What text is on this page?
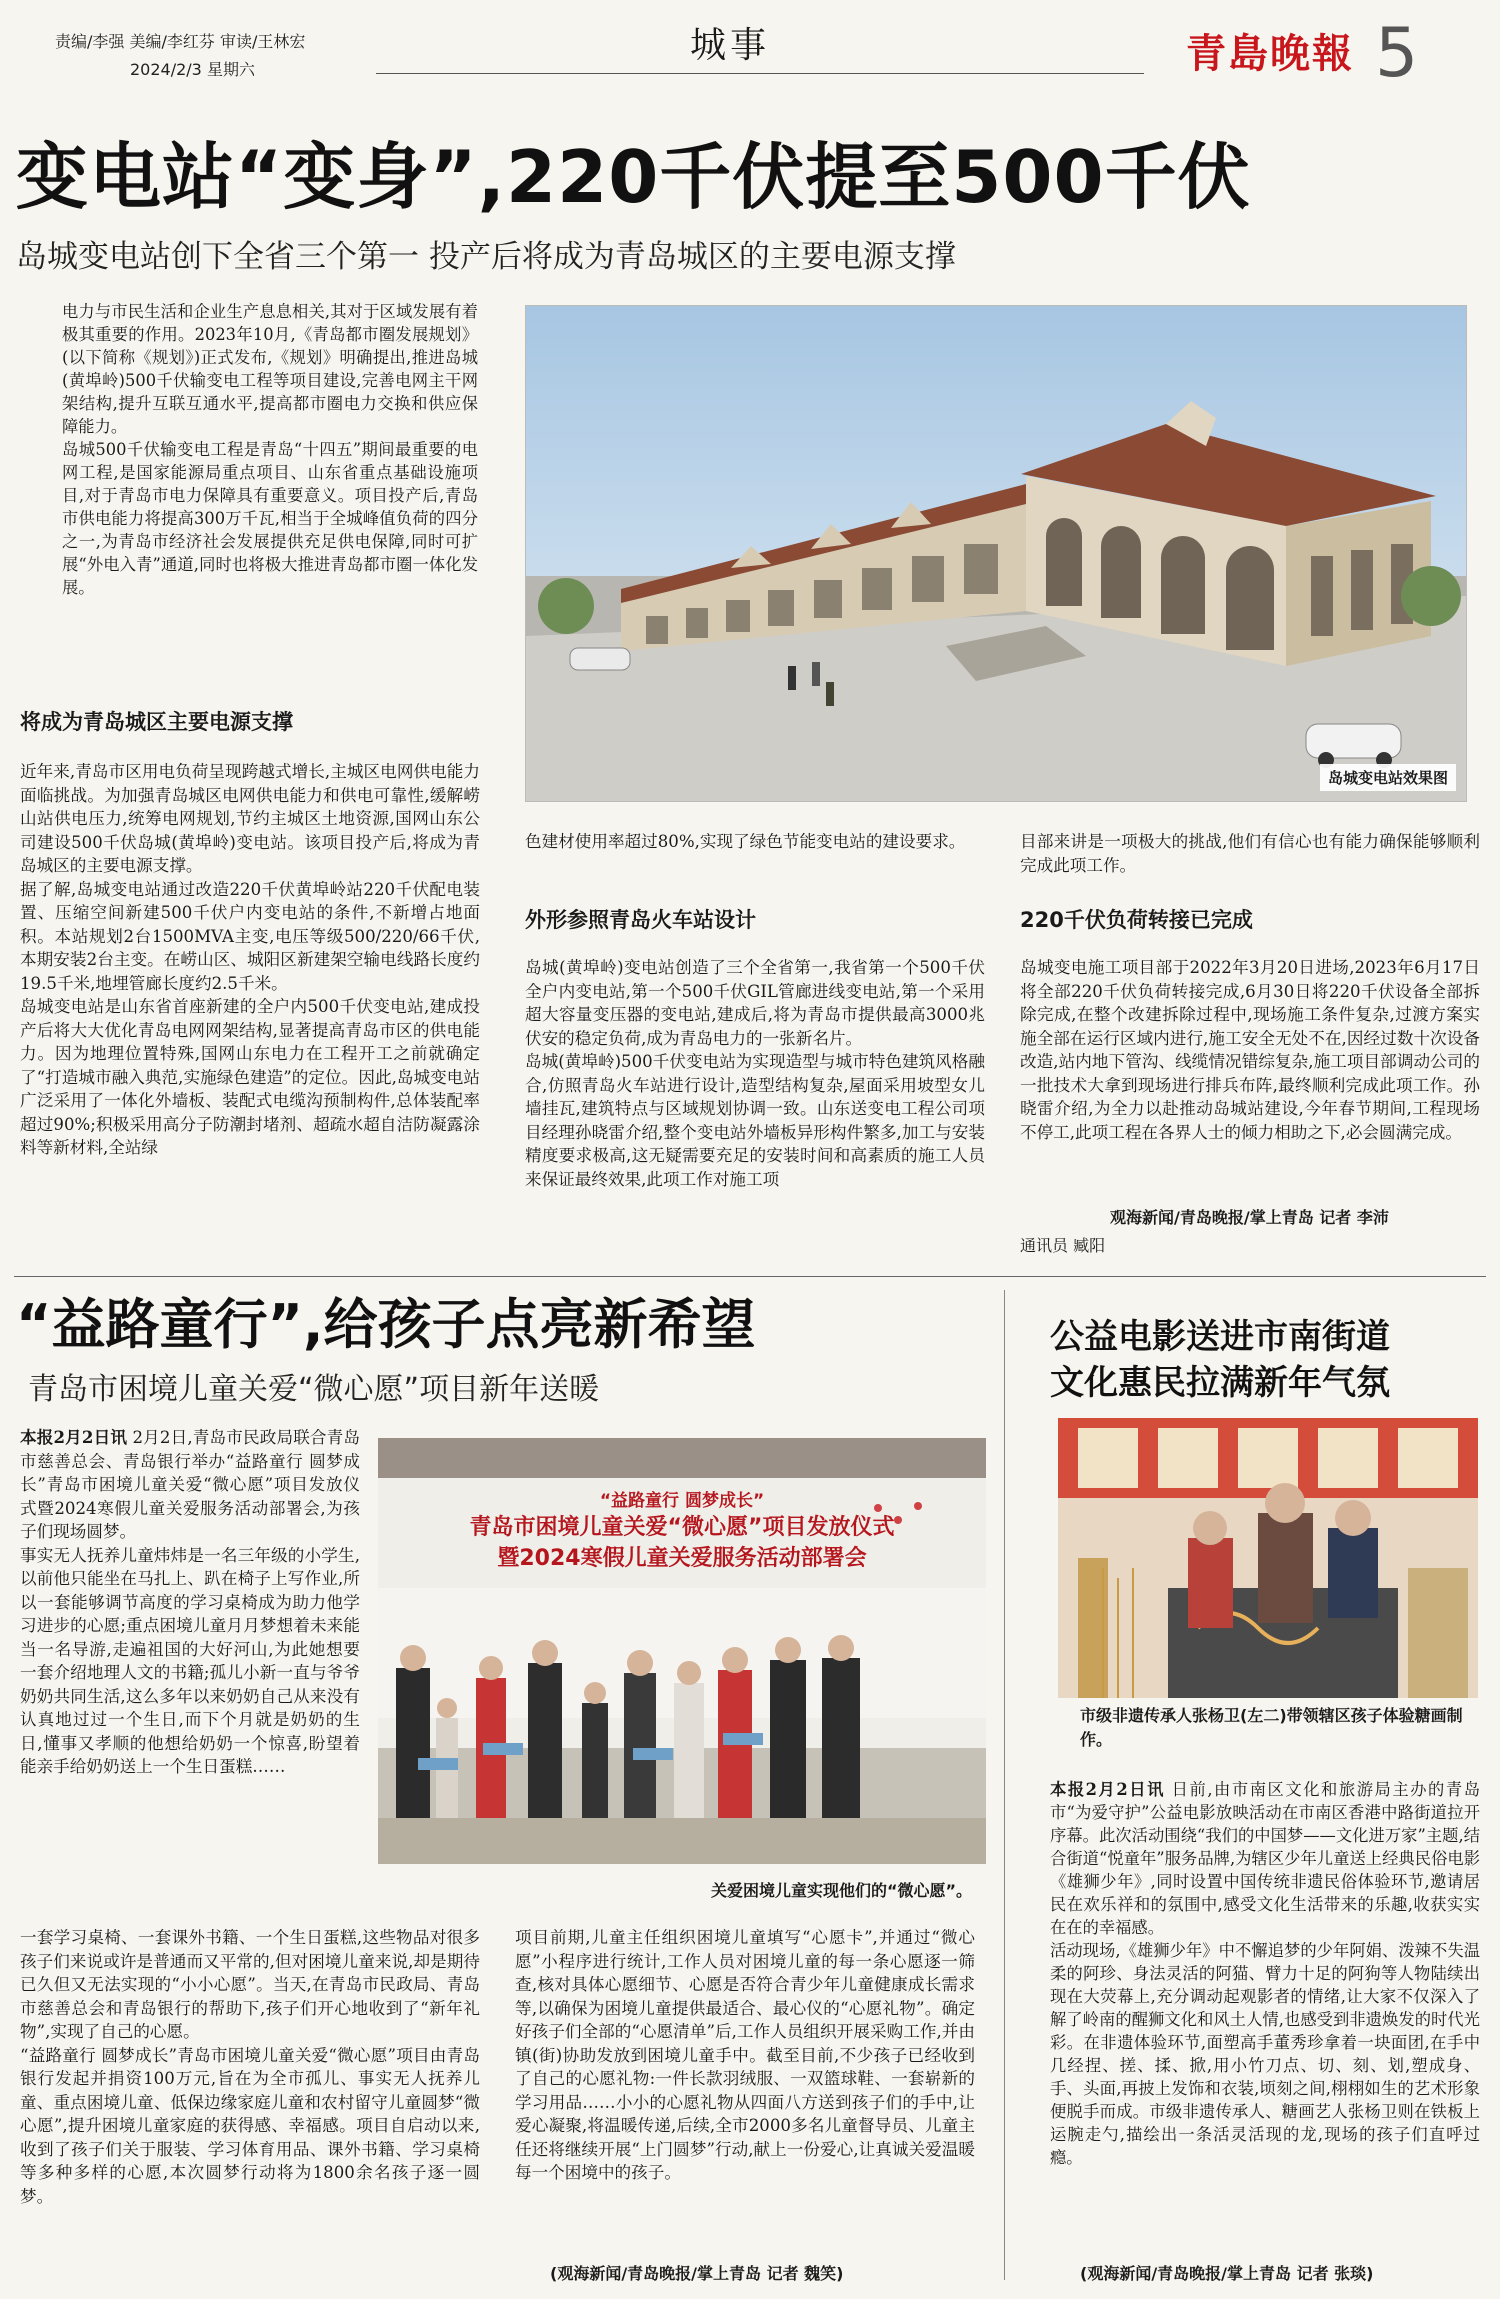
责编/李强 美编/李红芬 审读/王林宏
2024/2/3 星期六
城事	青島晚報 5
变电站“变身”,220千伏提至500千伏
岛城变电站创下全省三个第一 投产后将成为青岛城区的主要电源支撑

电力与市民生活和企业生产息息相关,其对于区域发展有着极其重要的作用。2023年10月,《青岛都市圈发展规划》(以下简称《规划》)正式发布,《规划》明确提出,推进岛城(黄埠岭)500千伏输变电工程等项目建设,完善电网主干网架结构,提升互联互通水平,提高都市圈电力交换和供应保障能力。
岛城500千伏输变电工程是青岛“十四五”期间最重要的电网工程,是国家能源局重点项目、山东省重点基础设施项目,对于青岛市电力保障具有重要意义。项目投产后,青岛市供电能力将提高300万千瓦,相当于全城峰值负荷的四分之一,为青岛市经济社会发展提供充足供电保障,同时可扩展“外电入青”通道,同时也将极大推进青岛都市圈一体化发展。

将成为青岛城区主要电源支撑

近年来,青岛市区用电负荷呈现跨越式增长,主城区电网供电能力面临挑战。为加强青岛城区电网供电能力和供电可靠性,缓解崂山站供电压力,统筹电网规划,节约主城区土地资源,国网山东公司建设500千伏岛城(黄埠岭)变电站。该项目投产后,将成为青岛城区的主要电源支撑。
据了解,岛城变电站通过改造220千伏黄埠岭站220千伏配电装置、压缩空间新建500千伏户内变电站的条件,不新增占地面积。本站规划2台1500MVA主变,电压等级500/220/66千伏,本期安装2台主变。在崂山区、城阳区新建架空输电线路长度约19.5千米,地埋管廊长度约2.5千米。
岛城变电站是山东省首座新建的全户内500千伏变电站,建成投产后将大大优化青岛电网网架结构,显著提高青岛市区的供电能力。因为地理位置特殊,国网山东电力在工程开工之前就确定了“打造城市融入典范,实施绿色建造”的定位。因此,岛城变电站广泛采用了一体化外墙板、装配式电缆沟预制构件,总体装配率超过90%;积极采用高分子防潮封堵剂、超疏水超自洁防凝露涂料等新材料,全站绿

岛城变电站效果图

色建材使用率超过80%,实现了绿色节能变电站的建设要求。

外形参照青岛火车站设计

岛城(黄埠岭)变电站创造了三个全省第一,我省第一个500千伏全户内变电站,第一个500千伏GIL管廊进线变电站,第一个采用超大容量变压器的变电站,建成后,将为青岛市提供最高3000兆伏安的稳定负荷,成为青岛电力的一张新名片。
岛城(黄埠岭)500千伏变电站为实现造型与城市特色建筑风格融合,仿照青岛火车站进行设计,造型结构复杂,屋面采用坡型女儿墙挂瓦,建筑特点与区域规划协调一致。山东送变电工程公司项目经理孙晓雷介绍,整个变电站外墙板异形构件繁多,加工与安装精度要求极高,这无疑需要充足的安装时间和高素质的施工人员来保证最终效果,此项工作对施工项

目部来讲是一项极大的挑战,他们有信心也有能力确保能够顺利完成此项工作。

220千伏负荷转接已完成

岛城变电施工项目部于2022年3月20日进场,2023年6月17日将全部220千伏负荷转接完成,6月30日将220千伏设备全部拆除完成,在整个改建拆除过程中,现场施工条件复杂,过渡方案实施全部在运行区域内进行,施工安全无处不在,因经过数十次设备改造,站内地下管沟、线缆情况错综复杂,施工项目部调动公司的一批技术大拿到现场进行排兵布阵,最终顺利完成此项工作。孙晓雷介绍,为全力以赴推动岛城站建设,今年春节期间,工程现场不停工,此项工程在各界人士的倾力相助之下,必会圆满完成。

观海新闻/青岛晚报/掌上青岛 记者 李沛
通讯员 臧阳
“益路童行”,给孩子点亮新希望
青岛市困境儿童关爱“微心愿”项目新年送暖

本报2月2日讯 2月2日,青岛市民政局联合青岛市慈善总会、青岛银行举办“益路童行 圆梦成长”青岛市困境儿童关爱“微心愿”项目发放仪式暨2024寒假儿童关爱服务活动部署会,为孩子们现场圆梦。
事实无人抚养儿童炜炜是一名三年级的小学生,以前他只能坐在马扎上、趴在椅子上写作业,所以一套能够调节高度的学习桌椅成为助力他学习进步的心愿;重点困境儿童月月梦想着未来能当一名导游,走遍祖国的大好河山,为此她想要一套介绍地理人文的书籍;孤儿小新一直与爷爷奶奶共同生活,这么多年以来奶奶自己从来没有认真地过过一个生日,而下个月就是奶奶的生日,懂事又孝顺的他想给奶奶一个惊喜,盼望着能亲手给奶奶送上一个生日蛋糕……

“益路童行 圆梦成长”
青岛市困境儿童关爱“微心愿”项目发放仪式
暨2024寒假儿童关爱服务活动部署会
关爱困境儿童实现他们的“微心愿”。

一套学习桌椅、一套课外书籍、一个生日蛋糕,这些物品对很多孩子们来说或许是普通而又平常的,但对困境儿童来说,却是期待已久但又无法实现的“小小心愿”。当天,在青岛市民政局、青岛市慈善总会和青岛银行的帮助下,孩子们开心地收到了“新年礼物”,实现了自己的心愿。
“益路童行 圆梦成长”青岛市困境儿童关爱“微心愿”项目由青岛银行发起并捐资100万元,旨在为全市孤儿、事实无人抚养儿童、重点困境儿童、低保边缘家庭儿童和农村留守儿童圆梦“微心愿”,提升困境儿童家庭的获得感、幸福感。项目自启动以来,收到了孩子们关于服装、学习体育用品、课外书籍、学习桌椅等多种多样的心愿,本次圆梦行动将为1800余名孩子逐一圆梦。

项目前期,儿童主任组织困境儿童填写“心愿卡”,并通过“微心愿”小程序进行统计,工作人员对困境儿童的每一条心愿逐一筛查,核对具体心愿细节、心愿是否符合青少年儿童健康成长需求等,以确保为困境儿童提供最适合、最心仪的“心愿礼物”。确定好孩子们全部的“心愿清单”后,工作人员组织开展采购工作,并由镇(街)协助发放到困境儿童手中。截至目前,不少孩子已经收到了自己的心愿礼物:一件长款羽绒服、一双篮球鞋、一套崭新的学习用品……小小的心愿礼物从四面八方送到孩子们的手中,让爱心凝聚,将温暖传递,后续,全市2000多名儿童督导员、儿童主任还将继续开展“上门圆梦”行动,献上一份爱心,让真诚关爱温暖每一个困境中的孩子。

(观海新闻/青岛晚报/掌上青岛 记者 魏笑)
公益电影送进市南街道
文化惠民拉满新年气氛
市级非遗传承人张杨卫(左二)带领辖区孩子体验糖画制作。

本报2月2日讯 日前,由市南区文化和旅游局主办的青岛市“为爱守护”公益电影放映活动在市南区香港中路街道拉开序幕。此次活动围绕“我们的中国梦——文化进万家”主题,结合街道“悦童年”服务品牌,为辖区少年儿童送上经典民俗电影《雄狮少年》,同时设置中国传统非遗民俗体验环节,邀请居民在欢乐祥和的氛围中,感受文化生活带来的乐趣,收获实实在在的幸福感。
活动现场,《雄狮少年》中不懈追梦的少年阿娟、泼辣不失温柔的阿珍、身法灵活的阿猫、臂力十足的阿狗等人物陆续出现在大荧幕上,充分调动起观影者的情绪,让大家不仅深入了解了岭南的醒狮文化和风土人情,也感受到非遗焕发的时代光彩。在非遗体验环节,面塑高手董秀珍拿着一块面团,在手中几经捏、搓、揉、掀,用小竹刀点、切、刻、划,塑成身、手、头面,再披上发饰和衣装,顷刻之间,栩栩如生的艺术形象便脱手而成。市级非遗传承人、糖画艺人张杨卫则在铁板上运腕走勺,描绘出一条活灵活现的龙,现场的孩子们直呼过瘾。

(观海新闻/青岛晚报/掌上青岛 记者 张琰)
